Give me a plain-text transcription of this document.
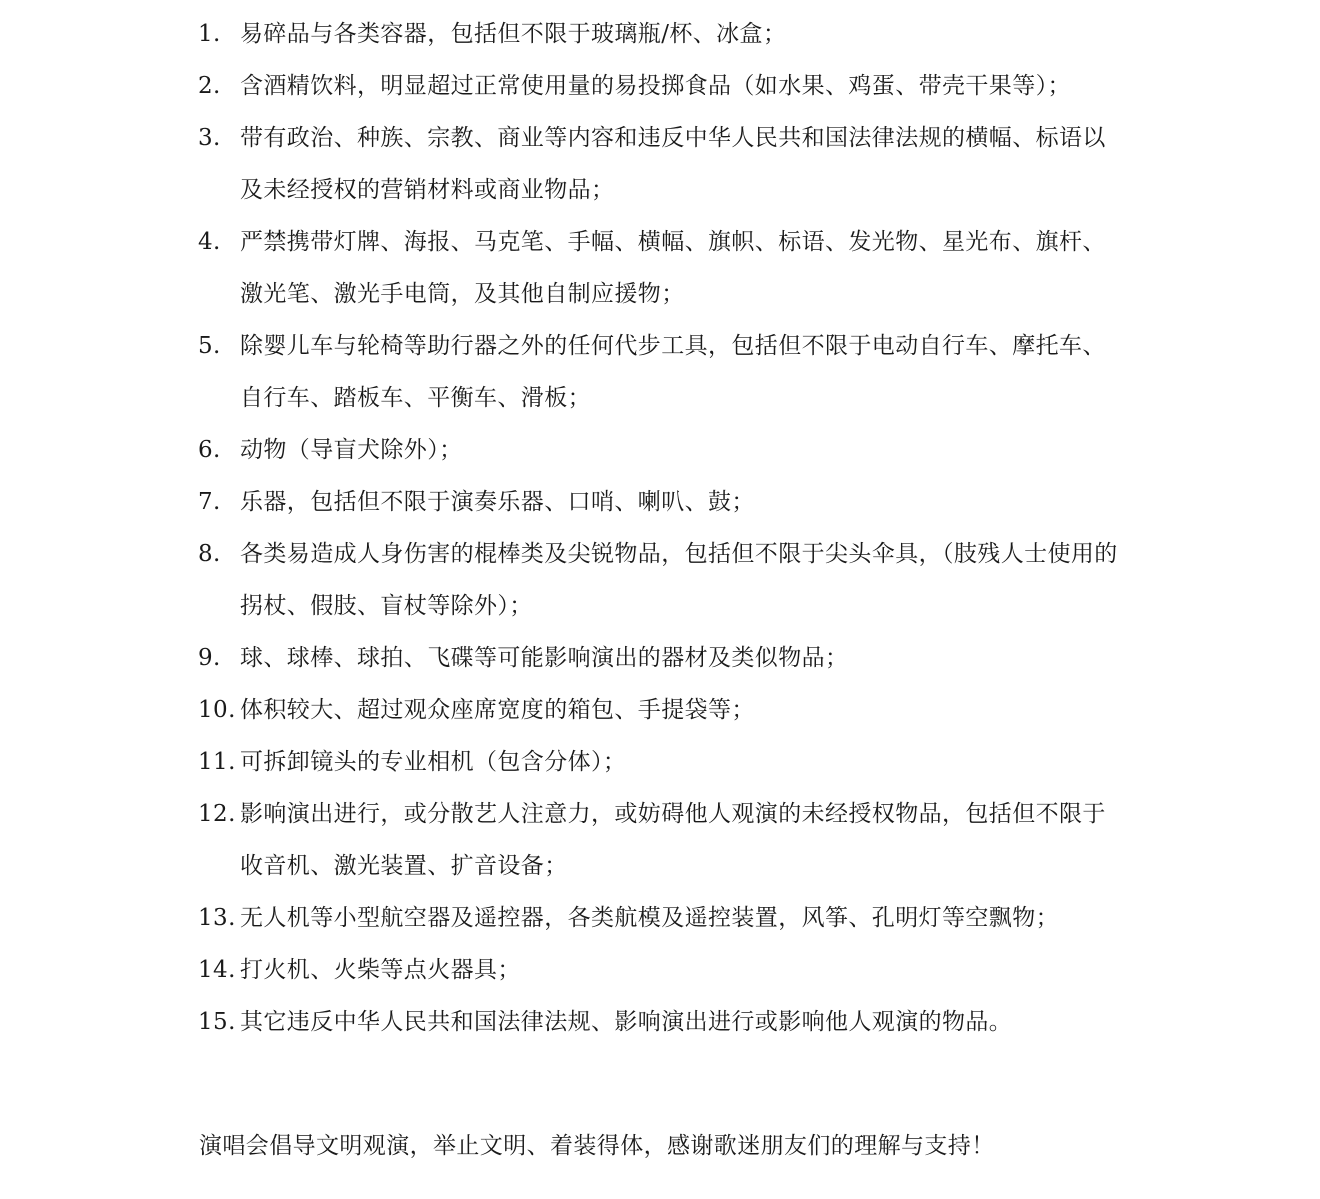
1. 易碎品与各类容器，包括但不限于玻璃瓶/杯、冰盒；
2. 含酒精饮料，明显超过正常使用量的易投掷食品（如水果、鸡蛋、带壳干果等）；
3. 带有政治、种族、宗教、商业等内容和违反中华人民共和国法律法规的横幅、标语以及未经授权的营销材料或商业物品；
4. 严禁携带灯牌、海报、马克笔、手幅、横幅、旗帜、标语、发光物、星光布、旗杆、激光笔、激光手电筒，及其他自制应援物；
5. 除婴儿车与轮椅等助行器之外的任何代步工具，包括但不限于电动自行车、摩托车、自行车、踏板车、平衡车、滑板；
6. 动物（导盲犬除外）；
7. 乐器，包括但不限于演奏乐器、口哨、喇叭、鼓；
8. 各类易造成人身伤害的棍棒类及尖锐物品，包括但不限于尖头伞具，（肢残人士使用的拐杖、假肢、盲杖等除外）；
9. 球、球棒、球拍、飞碟等可能影响演出的器材及类似物品；
10. 体积较大、超过观众座席宽度的箱包、手提袋等；
11. 可拆卸镜头的专业相机（包含分体）；
12. 影响演出进行，或分散艺人注意力，或妨碍他人观演的未经授权物品，包括但不限于收音机、激光装置、扩音设备；
13. 无人机等小型航空器及遥控器，各类航模及遥控装置，风筝、孔明灯等空飘物；
14. 打火机、火柴等点火器具；
15. 其它违反中华人民共和国法律法规、影响演出进行或影响他人观演的物品。

演唱会倡导文明观演，举止文明、着装得体，感谢歌迷朋友们的理解与支持！
